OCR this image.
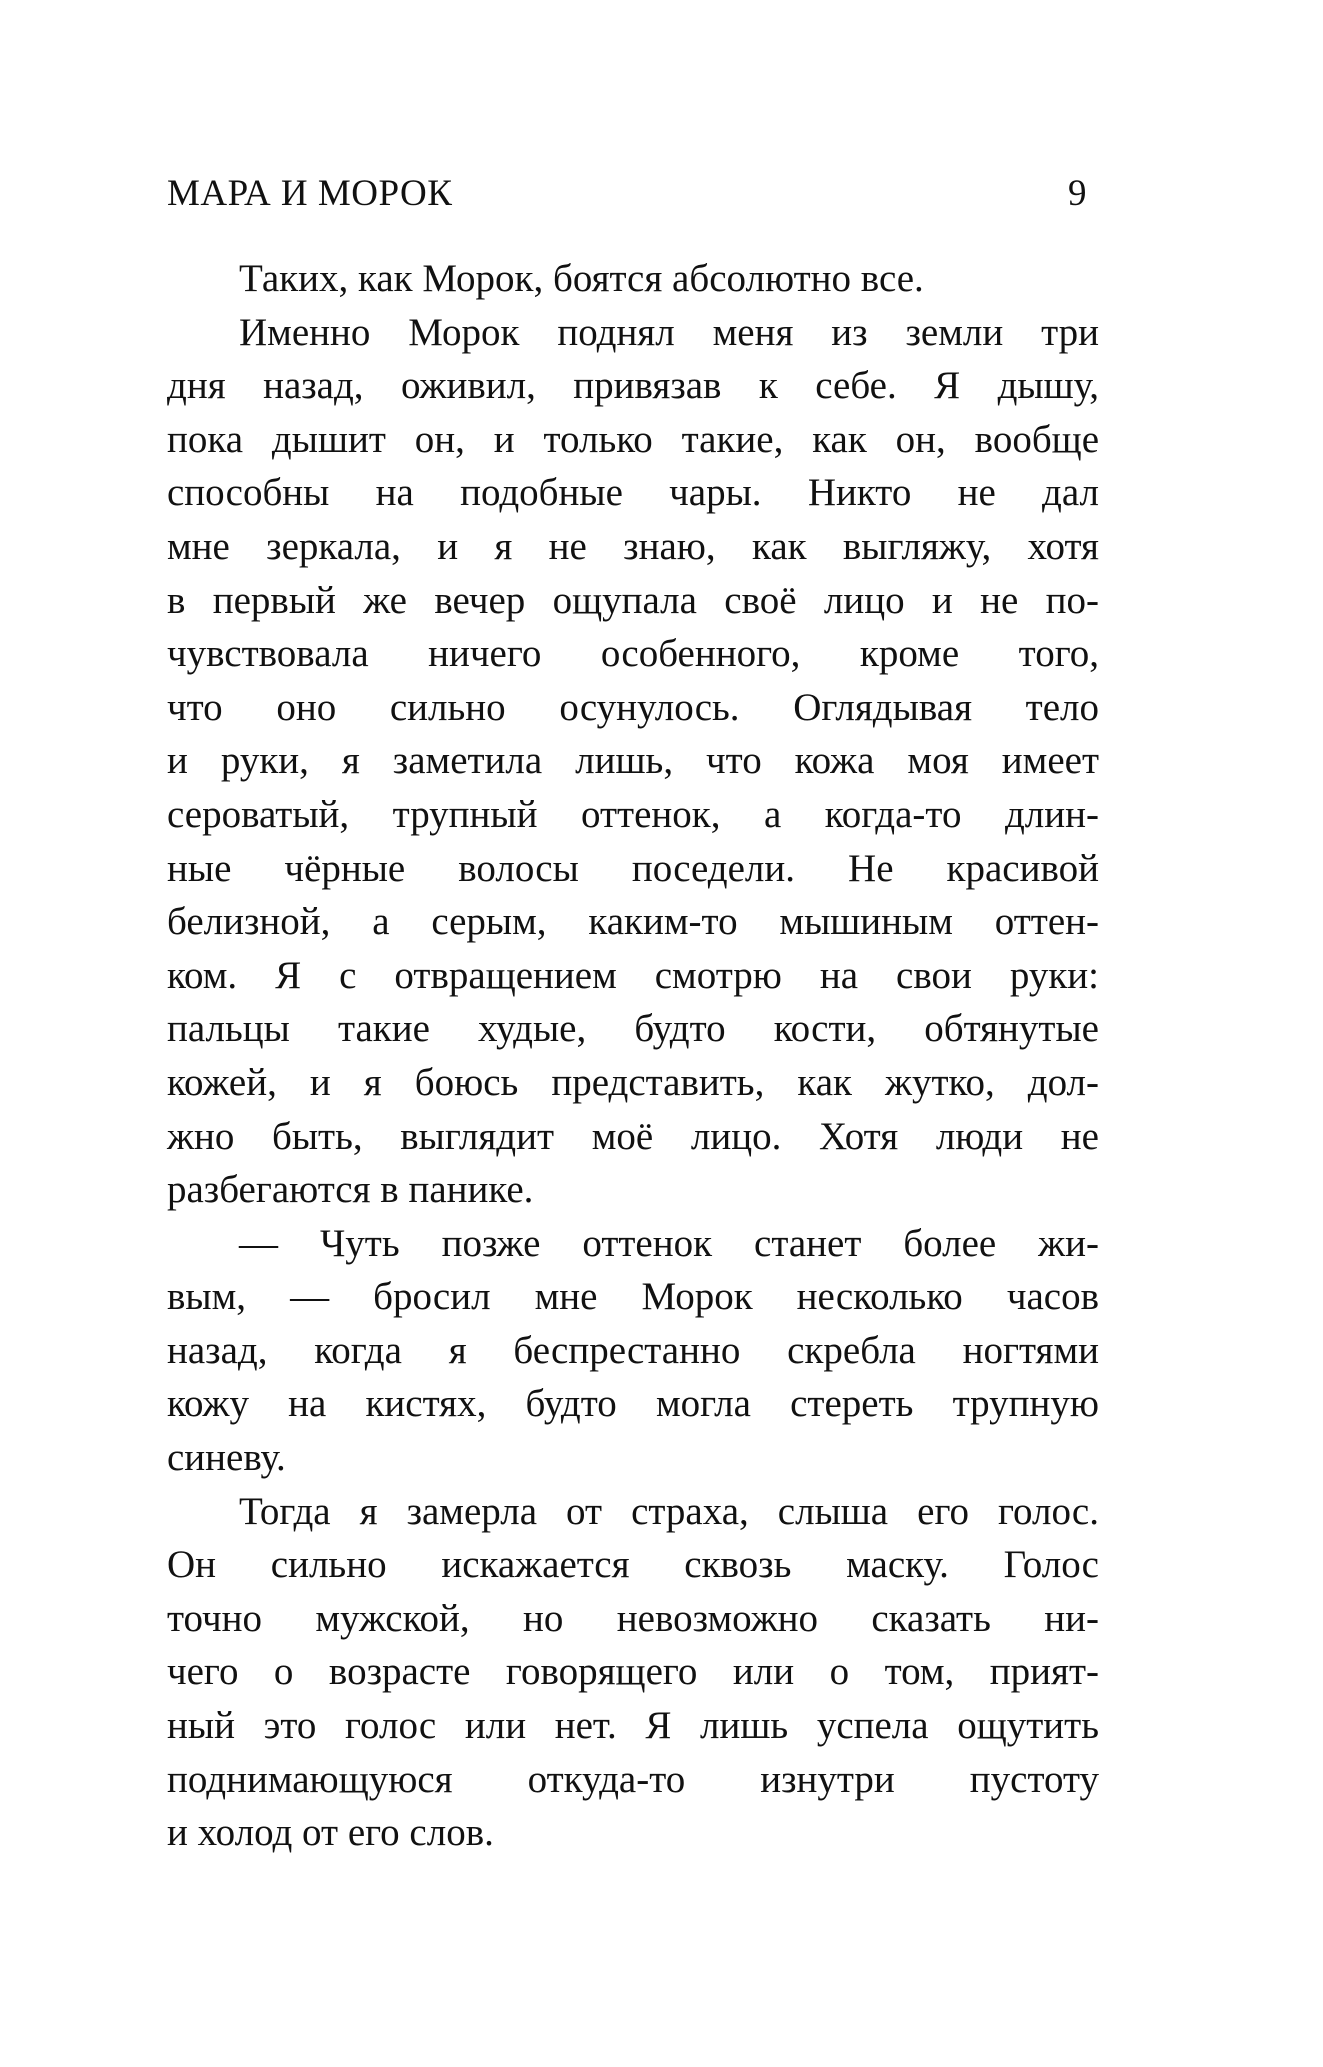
МАРА И МОРОК	9
Таких, как Морок, боятся абсолютно все.
Именно Морок поднял меня из земли три
дня назад, оживил, привязав к себе. Я дышу,
пока дышит он, и только такие, как он, вообще
способны на подобные чары. Никто не дал
мне зеркала, и я не знаю, как выгляжу, хотя
в первый же вечер ощупала своё лицо и не по-
чувствовала ничего особенного, кроме того,
что оно сильно осунулось. Оглядывая тело
и руки, я заметила лишь, что кожа моя имеет
сероватый, трупный оттенок, а когда-то длин-
ные чёрные волосы поседели. Не красивой
белизной, а серым, каким-то мышиным оттен-
ком. Я с отвращением смотрю на свои руки:
пальцы такие худые, будто кости, обтянутые
кожей, и я боюсь представить, как жутко, дол-
жно быть, выглядит моё лицо. Хотя люди не
разбегаются в панике.
— Чуть позже оттенок станет более жи-
вым, — бросил мне Морок несколько часов
назад, когда я беспрестанно скребла ногтями
кожу на кистях, будто могла стереть трупную
синеву.
Тогда я замерла от страха, слыша его голос.
Он сильно искажается сквозь маску. Голос
точно мужской, но невозможно сказать ни-
чего о возрасте говорящего или о том, прият-
ный это голос или нет. Я лишь успела ощутить
поднимающуюся откуда-то изнутри пустоту
и холод от его слов.
